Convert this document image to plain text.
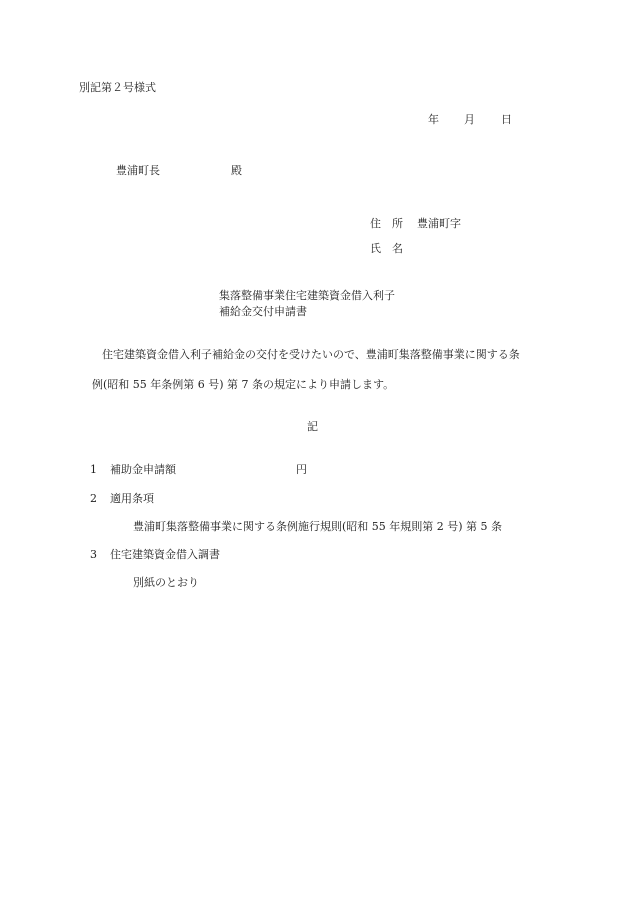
別記第２号様式
年 月 日
豊浦町長	殿
住　所 豊浦町字
氏　名
集落整備事業住宅建築資金借入利子
補給金交付申請書
住宅建築資金借入利子補給金の交付を受けたいので、豊浦町集落整備事業に関する条
例(昭和 55 年条例第 6 号) 第 7 条の規定により申請します。
記
1 補助金申請額	円
2 適用条項
豊浦町集落整備事業に関する条例施行規則(昭和 55 年規則第 2 号) 第 5 条
3 住宅建築資金借入調書
別紙のとおり
